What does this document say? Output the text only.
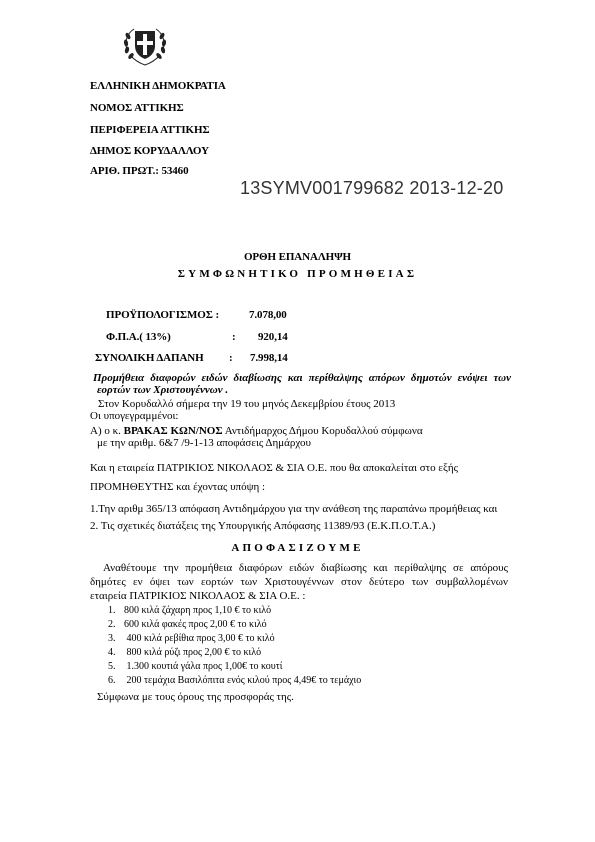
ΕΛΛΗΝΙΚΗ ΔΗΜΟΚΡΑΤΙΑ
ΝΟΜΟΣ ΑΤΤΙΚΗΣ
ΠΕΡΙΦΕΡΕΙΑ ΑΤΤΙΚΗΣ
ΔΗΜΟΣ ΚΟΡΥΔΑΛΛΟΥ
ΑΡΙΘ. ΠΡΩΤ.: 53460
13SYMV001799682 2013-12-20
ΟΡΘΗ ΕΠΑΝΑΛΗΨΗ
ΣΥΜΦΩΝΗΤΙΚΟ ΠΡΟΜΗΘΕΙΑΣ
ΠΡΟΫΠΟΛΟΓΙΣΜΟΣ :	7.078,00
Φ.Π.Α.( 13%)	: 920,14
ΣΥΝΟΛΙΚΗ ΔΑΠΑΝΗ : 7.998,14
Προμήθεια διαφορών ειδών διαβίωσης και περίθαλψης απόρων δημοτών ενόψει των
εορτών των Χριστουγέννων .
Στον Κορυδαλλό σήμερα την 19 του μηνός Δεκεμβρίου έτους 2013
Οι υπογεγραμμένοι:
Α) ο κ. ΒΡΑΚΑΣ ΚΩΝ/ΝΟΣ Αντιδήμαρχος Δήμου Κορυδαλλού σύμφωνα
με την αριθμ. 6&7 /9-1-13 αποφάσεις Δημάρχου
Και η εταιρεία ΠΑΤΡΙΚΙΟΣ ΝΙΚΟΛΑΟΣ & ΣΙΑ Ο.Ε. που θα αποκαλείται στο εξής
ΠΡΟΜΗΘΕΥΤΗΣ και έχοντας υπόψη :
1.Την αριθμ 365/13 απόφαση Αντιδημάρχου για την ανάθεση της παραπάνω προμήθειας και
2. Τις σχετικές διατάξεις της Υπουργικής Απόφασης 11389/93 (Ε.Κ.Π.Ο.Τ.Α.)
ΑΠΟΦΑΣΙΖΟΥΜΕ
Αναθέτουμε την προμήθεια διαφόρων ειδών διαβίωσης και περίθαλψης σε απόρους
δημότες εν όψει των εορτών των Χριστουγέννων στον δεύτερο των συμβαλλομένων
εταιρεία ΠΑΤΡΙΚΙΟΣ ΝΙΚΟΛΑΟΣ & ΣΙΑ Ο.Ε. :
1. 800 κιλά ζάχαρη προς 1,10 € το κιλό
2. 600 κιλά φακές προς 2,00 € το κιλό
3. 400 κιλά ρεβίθια προς 3,00 € το κιλό
4. 800 κιλά ρύζι προς 2,00 € το κιλό
5. 1.300 κουτιά γάλα προς 1,00€ το κουτί
6. 200 τεμάχια Βασιλόπιτα ενός κιλού προς 4,49€ το τεμάχιο
Σύμφωνα με τους όρους της προσφοράς της.
